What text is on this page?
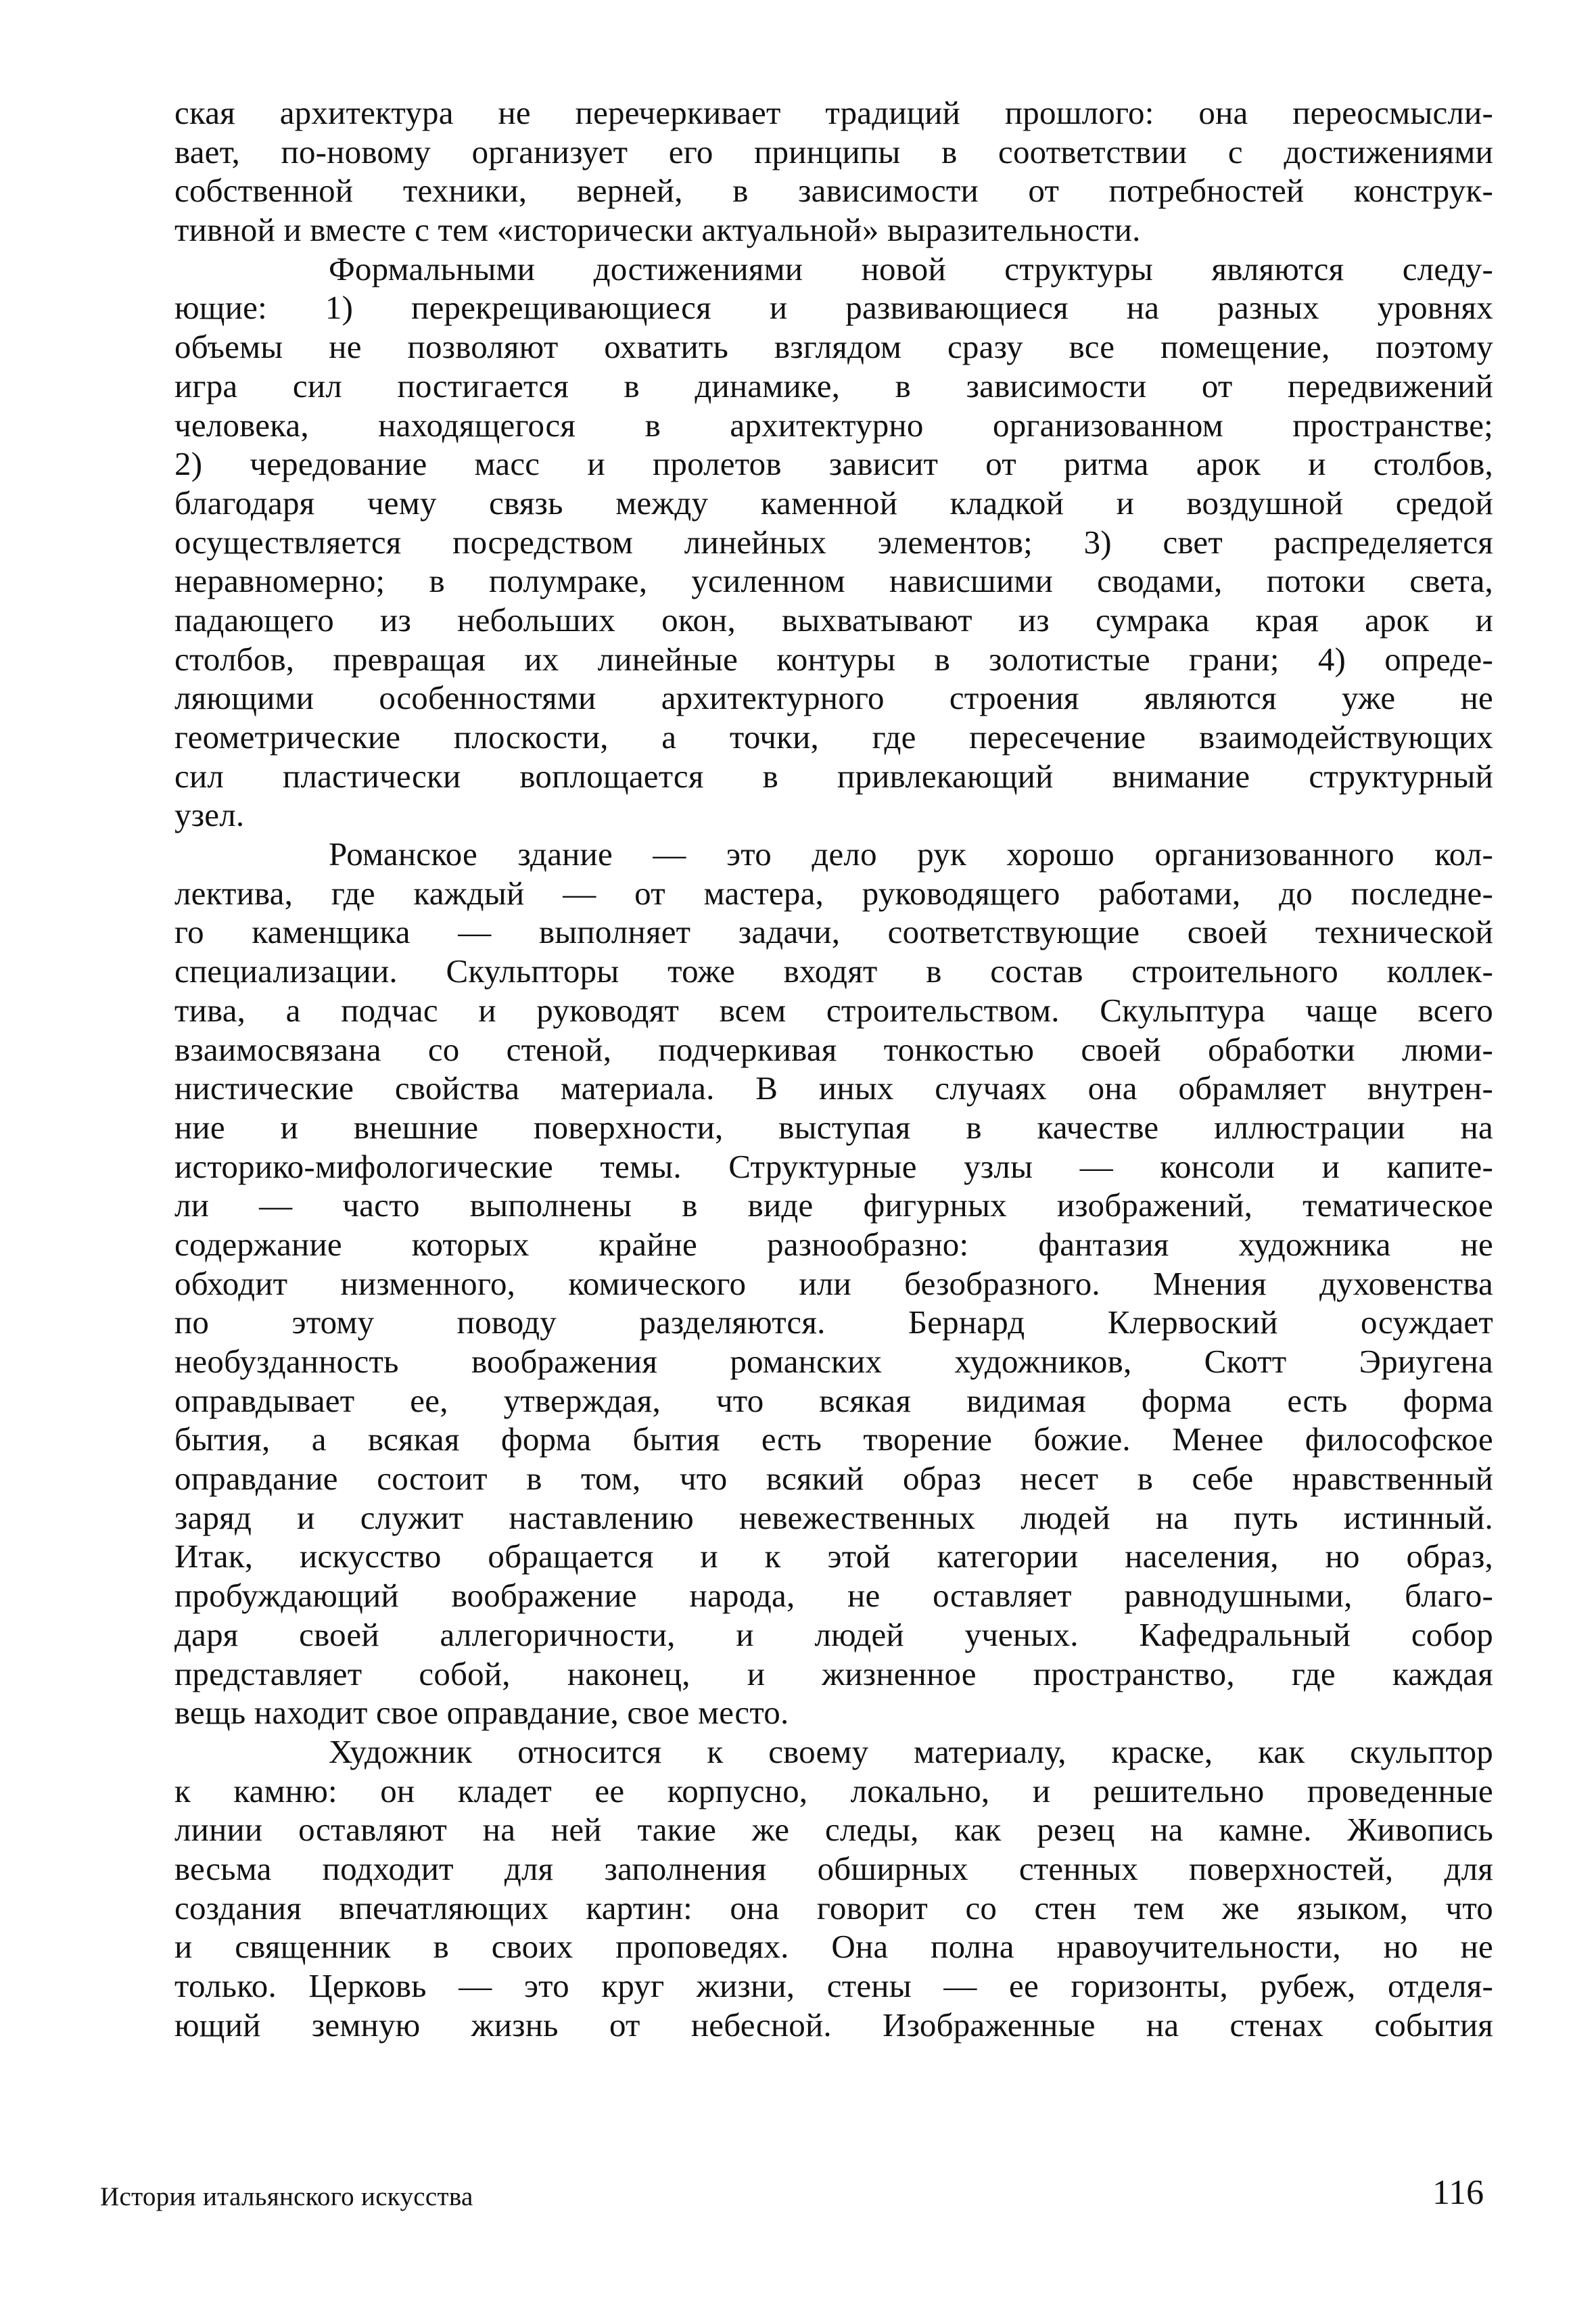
ская архитектура не перечеркивает традиций прошлого: она переосмысли-
вает, по-новому организует его принципы в соответствии с достижениями
собственной техники, верней, в зависимости от потребностей конструк-
тивной и вместе с тем «исторически актуальной» выразительности.
Формальными достижениями новой структуры являются следу-
ющие: 1) перекрещивающиеся и развивающиеся на разных уровнях
объемы не позволяют охватить взглядом сразу все помещение, поэтому
игра сил постигается в динамике, в зависимости от передвижений
человека, находящегося в архитектурно организованном пространстве;
2) чередование масс и пролетов зависит от ритма арок и столбов,
благодаря чему связь между каменной кладкой и воздушной средой
осуществляется посредством линейных элементов; 3) свет распределяется
неравномерно; в полумраке, усиленном нависшими сводами, потоки света,
падающего из небольших окон, выхватывают из сумрака края арок и
столбов, превращая их линейные контуры в золотистые грани; 4) опреде-
ляющими особенностями архитектурного строения являются уже не
геометрические плоскости, а точки, где пересечение взаимодействующих
сил пластически воплощается в привлекающий внимание структурный
узел.
Романское здание — это дело рук хорошо организованного кол-
лектива, где каждый — от мастера, руководящего работами, до последне-
го каменщика — выполняет задачи, соответствующие своей технической
специализации. Скульпторы тоже входят в состав строительного коллек-
тива, а подчас и руководят всем строительством. Скульптура чаще всего
взаимосвязана со стеной, подчеркивая тонкостью своей обработки люми-
нистические свойства материала. В иных случаях она обрамляет внутрен-
ние и внешние поверхности, выступая в качестве иллюстрации на
историко-мифологические темы. Структурные узлы — консоли и капите-
ли — часто выполнены в виде фигурных изображений, тематическое
содержание которых крайне разнообразно: фантазия художника не
обходит низменного, комического или безобразного. Мнения духовенства
по этому поводу разделяются. Бернард Клервоский осуждает
необузданность воображения романских художников, Скотт Эриугена
оправдывает ее, утверждая, что всякая видимая форма есть форма
бытия, а всякая форма бытия есть творение божие. Менее философское
оправдание состоит в том, что всякий образ несет в себе нравственный
заряд и служит наставлению невежественных людей на путь истинный.
Итак, искусство обращается и к этой категории населения, но образ,
пробуждающий воображение народа, не оставляет равнодушными, благо-
даря своей аллегоричности, и людей ученых. Кафедральный собор
представляет собой, наконец, и жизненное пространство, где каждая
вещь находит свое оправдание, свое место.
Художник относится к своему материалу, краске, как скульптор
к камню: он кладет ее корпусно, локально, и решительно проведенные
линии оставляют на ней такие же следы, как резец на камне. Живопись
весьма подходит для заполнения обширных стенных поверхностей, для
создания впечатляющих картин: она говорит со стен тем же языком, что
и священник в своих проповедях. Она полна нравоучительности, но не
только. Церковь — это круг жизни, стены — ее горизонты, рубеж, отделя-
ющий земную жизнь от небесной. Изображенные на стенах события
История итальянского искусства	116
